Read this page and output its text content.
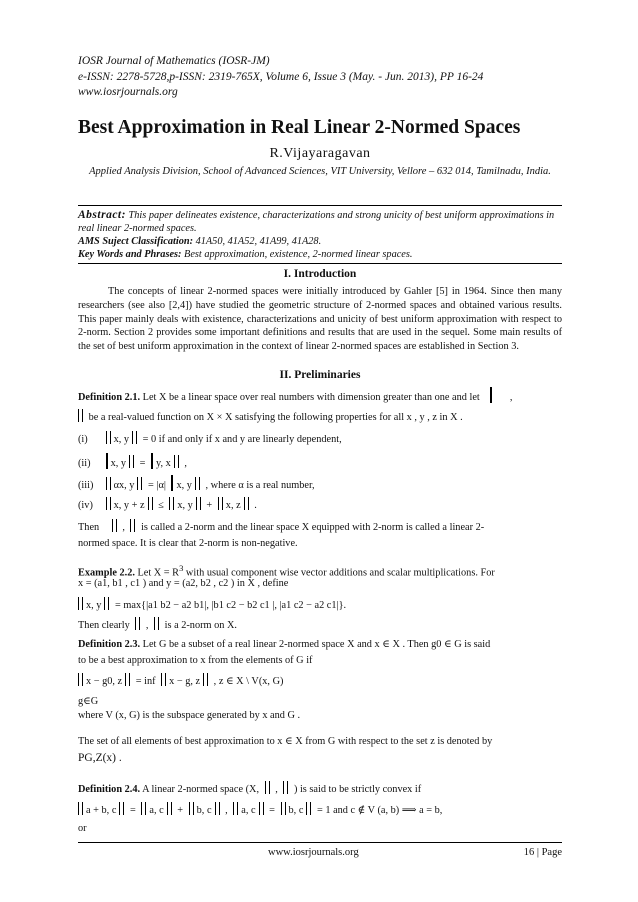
IOSR Journal of Mathematics (IOSR-JM)
e-ISSN: 2278-5728,p-ISSN: 2319-765X, Volume 6, Issue 3 (May. - Jun. 2013), PP 16-24
www.iosrjournals.org
Best Approximation in Real Linear 2-Normed Spaces
R.Vijayaragavan
Applied Analysis Division, School of Advanced Sciences, VIT University, Vellore – 632 014, Tamilnadu, India.
Abstract: This paper delineates existence, characterizations and strong unicity of best uniform approximations in real linear 2-normed spaces.
AMS Suject Classification: 41A50, 41A52, 41A99, 41A28.
Key Words and Phrases: Best approximation, existence, 2-normed linear spaces.
I. Introduction
The concepts of linear 2-normed spaces were initially introduced by Gahler [5] in 1964. Since then many researchers (see also [2,4]) have studied the geometric structure of 2-normed spaces and obtained various results. This paper mainly deals with existence, characterizations and unicity of best uniform approximation with respect to 2-norm. Section 2 provides some important definitions and results that are used in the sequel. Some main results of the set of best uniform approximation in the context of linear 2-normed spaces are established in Section 3.
II. Preliminaries
Definition 2.1. Let X be a linear space over real numbers with dimension greater than one and let	,
be a real-valued function on X × X satisfying the following properties for all x , y , z in X .
(i)	x, y = 0 if and only if x and y are linearly dependent,
(ii) x, y = y, x ,
(iii) αx, y = |α| x, y , where α is a real number,
(iv) x, y + z ≤ x, y + x, z .
Then , is called a 2-norm and the linear space X equipped with 2-norm is called a linear 2-
normed space. It is clear that 2-norm is non-negative.
Example 2.2. Let $X = R^3$ with usual component wise vector additions and scalar multiplications. For
x = (a1, b1 , c1 ) and y = (a2, b2 , c2 ) in X , define
x, y = max{|a1 b2 − a2 b1|, |b1 c2 − b2 c1 |, |a1 c2 − a2 c1|}.
Then clearly , is a 2-norm on X.
Definition 2.3. Let G be a subset of a real linear 2-normed space X and x ∈ X . Then g0 ∈ G is said
to be a best approximation to x from the elements of G if
x − g0, z = inf x − g, z , z ∈ X \ V(x, G)
g∈G
where V (x, G) is the subspace generated by x and G .
The set of all elements of best approximation to x ∈ X from G with respect to the set z is denoted by
PG,Z(x) .
Definition 2.4. A linear 2-normed space (X, , ) is said to be strictly convex if
a + b, c = a, c + b, c , a, c = b, c = 1 and c ∉ V (a, b) ⟹ a = b,
or
www.iosrjournals.org	16 | Page
